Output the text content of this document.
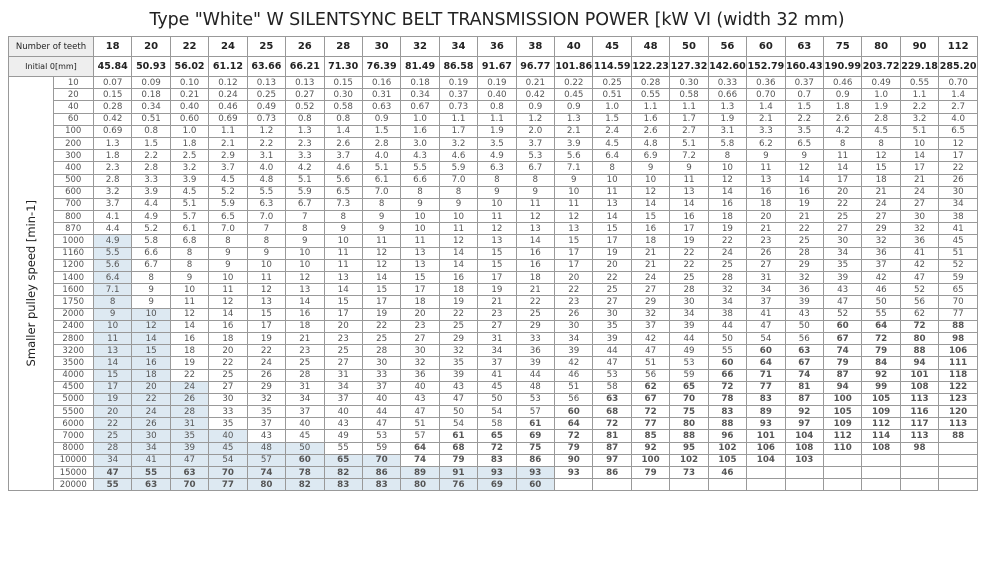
Type "White" W SILENTSYNC BELT TRANSMISSION POWER [kW VI (width 32 mm)
Number of teeth		18	20	22	24	25	26	28	30	32	34	36	38	40	45	48	50	56	60	63	75	80	90	112
Initial 0[mm]		45.84	50.93	56.02	61.12	63.66	66.21	71.30	76.39	81.49	86.58	91.67	96.77	101.86	114.59	122.23	127.32	142.60	152.79	160.43	190.99	203.72	229.18	285.20

Smaller pulley speed [min-1]	10	0.07	0.09	0.10	0.12	0.13	0.13	0.15	0.16	0.18	0.19	0.19	0.21	0.22	0.25	0.28	0.30	0.33	0.36	0.37	0.46	0.49	0.55	0.70
	20	0.15	0.18	0.21	0.24	0.25	0.27	0.30	0.31	0.34	0.37	0.40	0.42	0.45	0.51	0.55	0.58	0.66	0.70	0.7	0.9	1.0	1.1	1.4
	40	0.28	0.34	0.40	0.46	0.49	0.52	0.58	0.63	0.67	0.73	0.8	0.9	0.9	1.0	1.1	1.1	1.3	1.4	1.5	1.8	1.9	2.2	2.7
	60	0.42	0.51	0.60	0.69	0.73	0.8	0.8	0.9	1.0	1.1	1.1	1.2	1.3	1.5	1.6	1.7	1.9	2.1	2.2	2.6	2.8	3.2	4.0
	100	0.69	0.8	1.0	1.1	1.2	1.3	1.4	1.5	1.6	1.7	1.9	2.0	2.1	2.4	2.6	2.7	3.1	3.3	3.5	4.2	4.5	5.1	6.5
	200	1.3	1.5	1.8	2.1	2.2	2.3	2.6	2.8	3.0	3.2	3.5	3.7	3.9	4.5	4.8	5.1	5.8	6.2	6.5	8	8	10	12
	300	1.8	2.2	2.5	2.9	3.1	3.3	3.7	4.0	4.3	4.6	4.9	5.3	5.6	6.4	6.9	7.2	8	9	9	11	12	14	17
	400	2.3	2.8	3.2	3.7	4.0	4.2	4.6	5.1	5.5	5.9	6.3	6.7	7.1	8	9	9	10	11	12	14	15	17	22
	500	2.8	3.3	3.9	4.5	4.8	5.1	5.6	6.1	6.6	7.0	8	8	9	10	10	11	12	13	14	17	18	21	26
	600	3.2	3.9	4.5	5.2	5.5	5.9	6.5	7.0	8	8	9	9	10	11	12	13	14	16	16	20	21	24	30
	700	3.7	4.4	5.1	5.9	6.3	6.7	7.3	8	9	9	10	11	11	13	14	14	16	18	19	22	24	27	34
	800	4.1	4.9	5.7	6.5	7.0	7	8	9	10	10	11	12	12	14	15	16	18	20	21	25	27	30	38
	870	4.4	5.2	6.1	7.0	7	8	9	9	10	11	12	13	13	15	16	17	19	21	22	27	29	32	41
	1000	4.9	5.8	6.8	8	8	9	10	11	11	12	13	14	15	17	18	19	22	23	25	30	32	36	45
	1160	5.5	6.6	8	9	9	10	11	12	13	14	15	16	17	19	21	22	24	26	28	34	36	41	51
	1200	5.6	6.7	8	9	10	10	11	12	13	14	15	16	17	20	21	22	25	27	29	35	37	42	52
	1400	6.4	8	9	10	11	12	13	14	15	16	17	18	20	22	24	25	28	31	32	39	42	47	59
	1600	7.1	9	10	11	12	13	14	15	17	18	19	21	22	25	27	28	32	34	36	43	46	52	65
	1750	8	9	11	12	13	14	15	17	18	19	21	22	23	27	29	30	34	37	39	47	50	56	70
	2000	9	10	12	14	15	16	17	19	20	22	23	25	26	30	32	34	38	41	43	52	55	62	77
	2400	10	12	14	16	17	18	20	22	23	25	27	29	30	35	37	39	44	47	50	60	64	72	88
	2800	11	14	16	18	19	21	23	25	27	29	31	33	34	39	42	44	50	54	56	67	72	80	98
	3200	13	15	18	20	22	23	25	28	30	32	34	36	39	44	47	49	55	60	63	74	79	88	106
	3500	14	16	19	22	24	25	27	30	32	35	37	39	42	47	51	53	60	64	67	79	84	94	111
	4000	15	18	22	25	26	28	31	33	36	39	41	44	46	53	56	59	66	71	74	87	92	101	118
	4500	17	20	24	27	29	31	34	37	40	43	45	48	51	58	62	65	72	77	81	94	99	108	122
	5000	19	22	26	30	32	34	37	40	43	47	50	53	56	63	67	70	78	83	87	100	105	113	123
	5500	20	24	28	33	35	37	40	44	47	50	54	57	60	68	72	75	83	89	92	105	109	116	120
	6000	22	26	31	35	37	40	43	47	51	54	58	61	64	72	77	80	88	93	97	109	112	117	113
	7000	25	30	35	40	43	45	49	53	57	61	65	69	72	81	85	88	96	101	104	112	114	113	88
	8000	28	34	39	45	48	50	55	59	64	68	72	75	79	87	92	95	102	106	108	110	108	98	
	10000	34	41	47	54	57	60	65	70	74	79	83	86	90	97	100	102	105	104	103				
	15000	47	55	63	70	74	78	82	86	89	91	93	93	93	86	79	73	46						
	20000	55	63	70	77	80	82	83	83	80	76	69	60											
